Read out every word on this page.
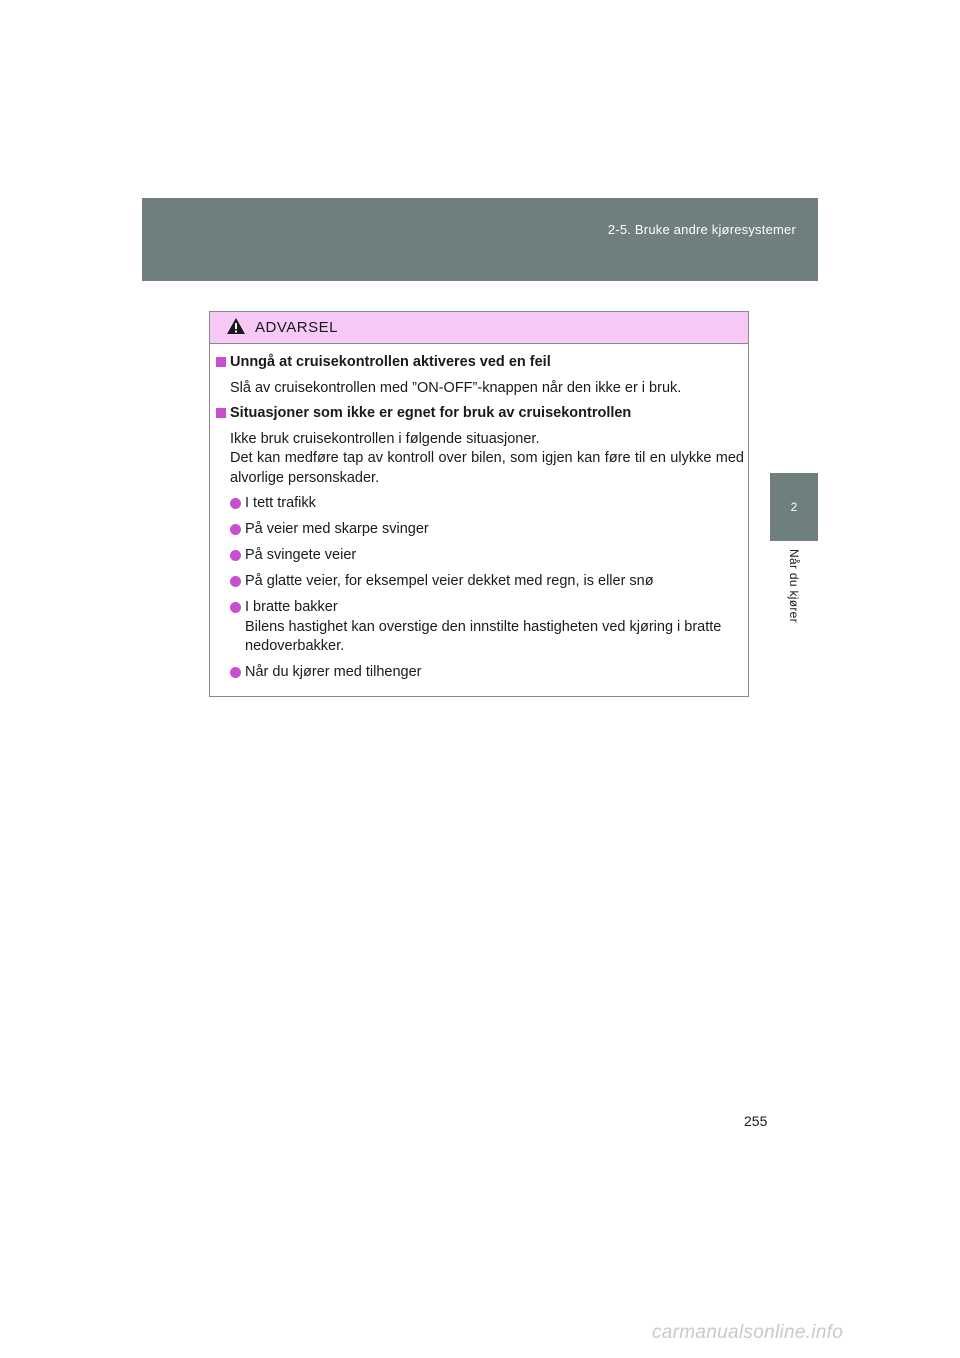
2-5. Bruke andre kjøresystemer
2
Når du kjører
ADVARSEL

Unngå at cruisekontrollen aktiveres ved en feil

Slå av cruisekontrollen med ”ON-OFF”-knappen når den ikke er i bruk.

Situasjoner som ikke er egnet for bruk av cruisekontrollen

Ikke bruk cruisekontrollen i følgende situasjoner.
Det kan medføre tap av kontroll over bilen, som igjen kan føre til en ulykke med alvorlige personskader.

I tett trafikk
På veier med skarpe svinger
På svingete veier
På glatte veier, for eksempel veier dekket med regn, is eller snø
I bratte bakker
Bilens hastighet kan overstige den innstilte hastigheten ved kjøring i bratte nedoverbakker.
Når du kjører med tilhenger
255
carmanualsonline.info
